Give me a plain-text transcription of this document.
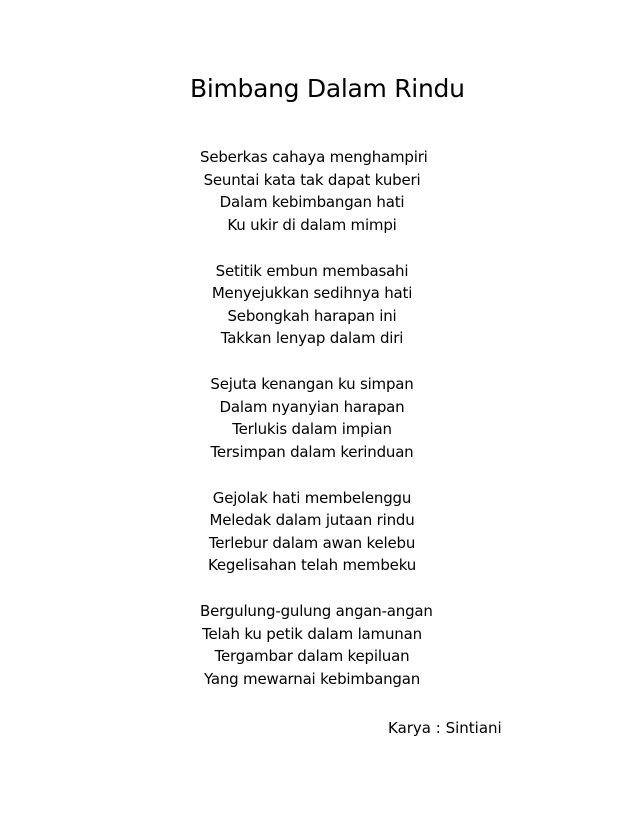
Bimbang Dalam Rindu
Seberkas cahaya menghampiri
Seuntai kata tak dapat kuberi
Dalam kebimbangan hati
Ku ukir di dalam mimpi
Setitik embun membasahi
Menyejukkan sedihnya hati
Sebongkah harapan ini
Takkan lenyap dalam diri
Sejuta kenangan ku simpan
Dalam nyanyian harapan
Terlukis dalam impian
Tersimpan dalam kerinduan
Gejolak hati membelenggu
Meledak dalam jutaan rindu
Terlebur dalam awan kelebu
Kegelisahan telah membeku
Bergulung-gulung angan-angan
Telah ku petik dalam lamunan
Tergambar dalam kepiluan
Yang mewarnai kebimbangan
Karya : Sintiani
